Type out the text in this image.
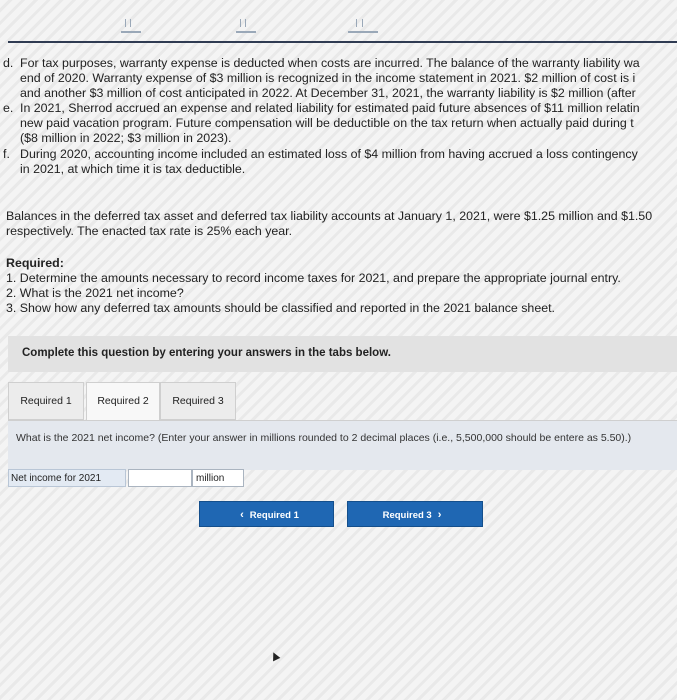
d. For tax purposes, warranty expense is deducted when costs are incurred. The balance of the warranty liability wa
end of 2020. Warranty expense of $3 million is recognized in the income statement in 2021. $2 million of cost is i
and another $3 million of cost anticipated in 2022. At December 31, 2021, the warranty liability is $2 million (after
e. In 2021, Sherrod accrued an expense and related liability for estimated paid future absences of $11 million relatin
new paid vacation program. Future compensation will be deductible on the tax return when actually paid during t
($8 million in 2022; $3 million in 2023).
f. During 2020, accounting income included an estimated loss of $4 million from having accrued a loss contingency
in 2021, at which time it is tax deductible.
Balances in the deferred tax asset and deferred tax liability accounts at January 1, 2021, were $1.25 million and $1.50
respectively. The enacted tax rate is 25% each year.
Required:
1. Determine the amounts necessary to record income taxes for 2021, and prepare the appropriate journal entry.
2. What is the 2021 net income?
3. Show how any deferred tax amounts should be classified and reported in the 2021 balance sheet.
Complete this question by entering your answers in the tabs below.
Required 1	Required 2	Required 3
What is the 2021 net income? (Enter your answer in millions rounded to 2 decimal places (i.e., 5,500,000 should be entere as 5.50).)
Net income for 2021	million
‹ Required 1	Required 3 ›
